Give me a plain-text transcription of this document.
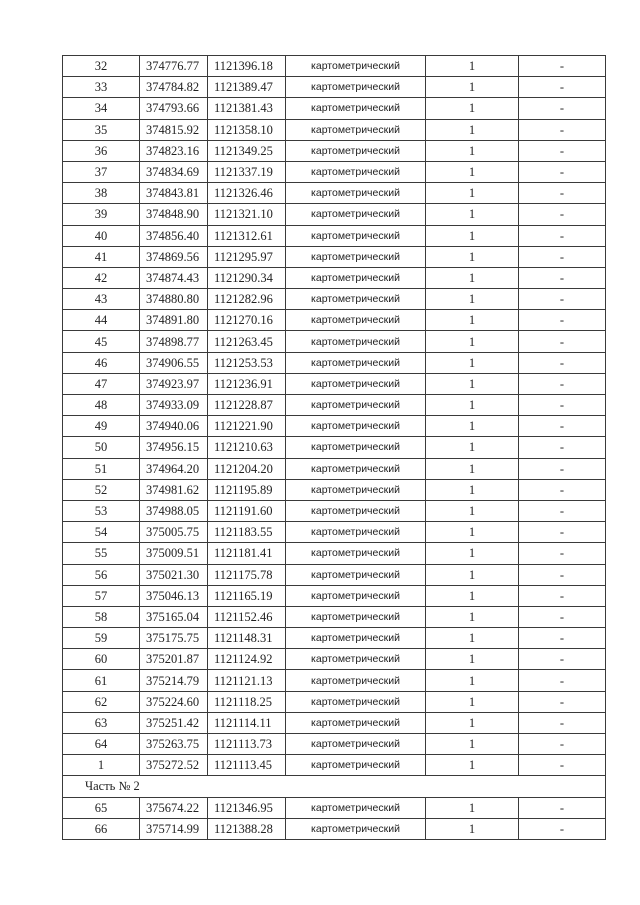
32	374776.77	1121396.18	картометрический	1	-
33	374784.82	1121389.47	картометрический	1	-
34	374793.66	1121381.43	картометрический	1	-
35	374815.92	1121358.10	картометрический	1	-
36	374823.16	1121349.25	картометрический	1	-
37	374834.69	1121337.19	картометрический	1	-
38	374843.81	1121326.46	картометрический	1	-
39	374848.90	1121321.10	картометрический	1	-
40	374856.40	1121312.61	картометрический	1	-
41	374869.56	1121295.97	картометрический	1	-
42	374874.43	1121290.34	картометрический	1	-
43	374880.80	1121282.96	картометрический	1	-
44	374891.80	1121270.16	картометрический	1	-
45	374898.77	1121263.45	картометрический	1	-
46	374906.55	1121253.53	картометрический	1	-
47	374923.97	1121236.91	картометрический	1	-
48	374933.09	1121228.87	картометрический	1	-
49	374940.06	1121221.90	картометрический	1	-
50	374956.15	1121210.63	картометрический	1	-
51	374964.20	1121204.20	картометрический	1	-
52	374981.62	1121195.89	картометрический	1	-
53	374988.05	1121191.60	картометрический	1	-
54	375005.75	1121183.55	картометрический	1	-
55	375009.51	1121181.41	картометрический	1	-
56	375021.30	1121175.78	картометрический	1	-
57	375046.13	1121165.19	картометрический	1	-
58	375165.04	1121152.46	картометрический	1	-
59	375175.75	1121148.31	картометрический	1	-
60	375201.87	1121124.92	картометрический	1	-
61	375214.79	1121121.13	картометрический	1	-
62	375224.60	1121118.25	картометрический	1	-
63	375251.42	1121114.11	картометрический	1	-
64	375263.75	1121113.73	картометрический	1	-
1	375272.52	1121113.45	картометрический	1	-
Часть № 2					
65	375674.22	1121346.95	картометрический	1	-
66	375714.99	1121388.28	картометрический	1	-
